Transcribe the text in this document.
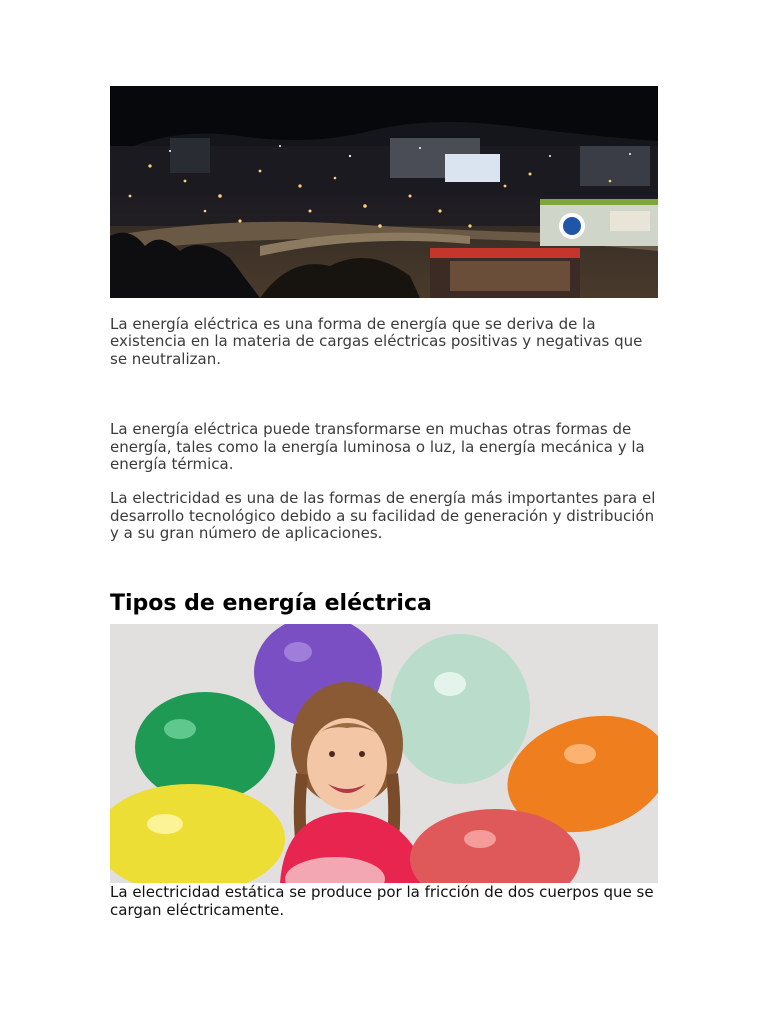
La energía eléctrica es una forma de energía que se deriva de la existencia en la materia de cargas eléctricas positivas y negativas que se neutralizan.

La energía eléctrica puede transformarse en muchas otras formas de energía, tales como la energía luminosa o luz, la energía mecánica y la energía térmica.

La electricidad es una de las formas de energía más importantes para el desarrollo tecnológico debido a su facilidad de generación y distribución y a su gran número de aplicaciones.

Tipos de energía eléctrica

La electricidad estática se produce por la fricción de dos cuerpos que se cargan eléctricamente.
